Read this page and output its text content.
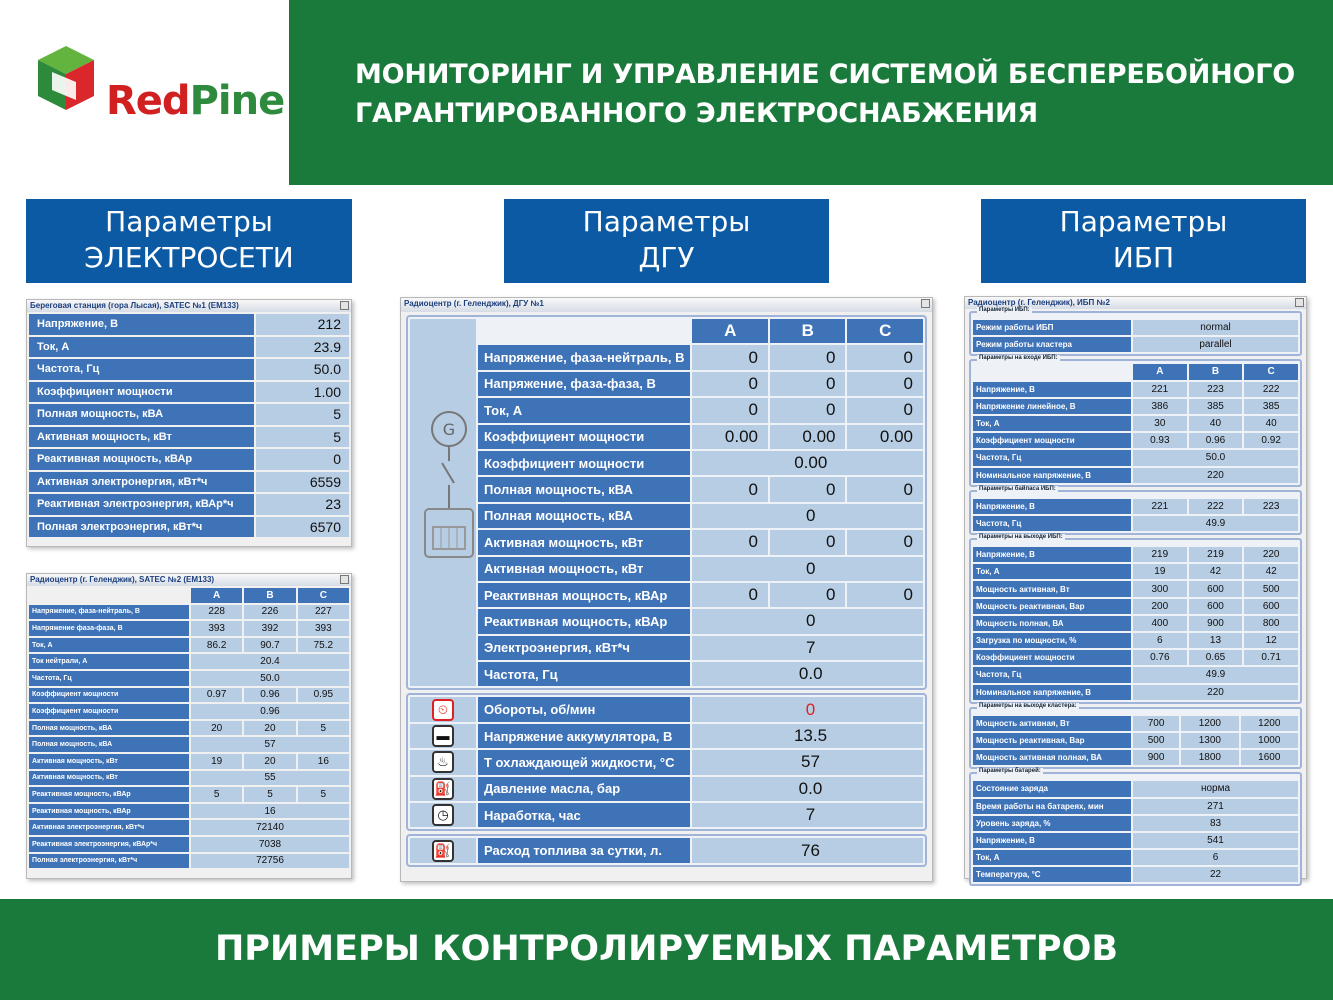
RedPine
МОНИТОРИНГ И УПРАВЛЕНИЕ СИСТЕМОЙ БЕСПЕРЕБОЙНОГО ГАРАНТИРОВАННОГО ЭЛЕКТРОСНАБЖЕНИЯ
Параметры
ЭЛЕКТРОСЕТИ
Параметры
ДГУ
Параметры
ИБП
Береговая станция (гора Лысая), SATEC №1 (EM133)
Напряжение, В	212
Ток, А	23.9
Частота, Гц	50.0
Коэффициент мощности	1.00
Полная мощность, кВА	5
Активная мощность, кВт	5
Реактивная мощность, кВАр	0
Активная электронергия, кВт*ч	6559
Реактивная электроэнергия, кВАр*ч	23
Полная электроэнергия, кВт*ч	6570
Радиоцентр (г. Геленджик), SATEC №2 (EM133)
	A	B	C
Напряжение, фаза-нейтраль, В	228	226	227
Напряжение фаза-фаза, В	393	392	393
Ток, А	86.2	90.7	75.2
Ток нейтрали, А	20.4		
Частота, Гц	50.0		
Коэффициент мощности	0.97	0.96	0.95
Коэффициент мощности	0.96		
Полная мощность, кВА	20	20	5
Полная мощность, кВА	57		
Активная мощность, кВт	19	20	16
Активная мощность, кВт	55		
Реактивная мощность, кВАр	5	5	5
Реактивная мощность, кВАр	16		
Активная электроэнергия, кВт*ч	72140		
Реактивная электроэнергия, кВАр*ч	7038		
Полная электроэнергия, кВт*ч	72756		
Радиоцентр (г. Геленджик), ДГУ №1
G
		A	B	C
	Напряжение, фаза-нейтраль, В	0	0	0
	Напряжение, фаза-фаза, В	0	0	0
	Ток, А	0	0	0
	Коэффициент мощности	0.00	0.00	0.00
	Коэффициент мощности	0.00		
	Полная мощность, кВА	0	0	0
	Полная мощность, кВА	0		
	Активная мощность, кВт	0	0	0
	Активная мощность, кВт	0		
	Реактивная мощность, кВАр	0	0	0
	Реактивная мощность, кВАр	0		
	Электроэнергия, кВт*ч	7		
	Частота, Гц	0.0		
⏲	Обороты, об/мин	0

▬	Напряжение аккумулятора, В	13.5

♨	Т охлаждающей жидкости, °С	57

⛽	Давление масла, бар	0.0

◷	Наработка, час	7
⛽	Расход топлива за сутки, л.	76
Радиоцентр (г. Геленджик), ИБП №2
Параметры ИБП:
Режим работы ИБП	normal
Режим работы кластера	parallel
Параметры на входе ИБП:
	A	B	C
Напряжение, В	221	223	222
Напряжение линейное, В	386	385	385
Ток, А	30	40	40
Коэффициент мощности	0.93	0.96	0.92
Частота, Гц	50.0		
Номинальное напряжение, В	220		
Параметры байпаса ИБП:
Напряжение, В	221	222	223
Частота, Гц	49.9		
Параметры на выходе ИБП:
Напряжение, В	219	219	220
Ток, А	19	42	42
Мощность активная, Вт	300	600	500
Мощность реактивная, Вар	200	600	600
Мощность полная, ВА	400	900	800
Загрузка по мощности, %	6	13	12
Коэффициент мощности	0.76	0.65	0.71
Частота, Гц	49.9		
Номинальное напряжение, В	220		
Параметры на выходе кластера:
Мощность активная, Вт	700	1200	1200
Мощность реактивная, Вар	500	1300	1000
Мощность активная полная, ВА	900	1800	1600
Параметры батарей:
Состояние заряда	норма
Время работы на батареях, мин	271
Уровень заряда, %	83
Напряжение, В	541
Ток, А	6
Температура, °С	22
ПРИМЕРЫ КОНТРОЛИРУЕМЫХ ПАРАМЕТРОВ
